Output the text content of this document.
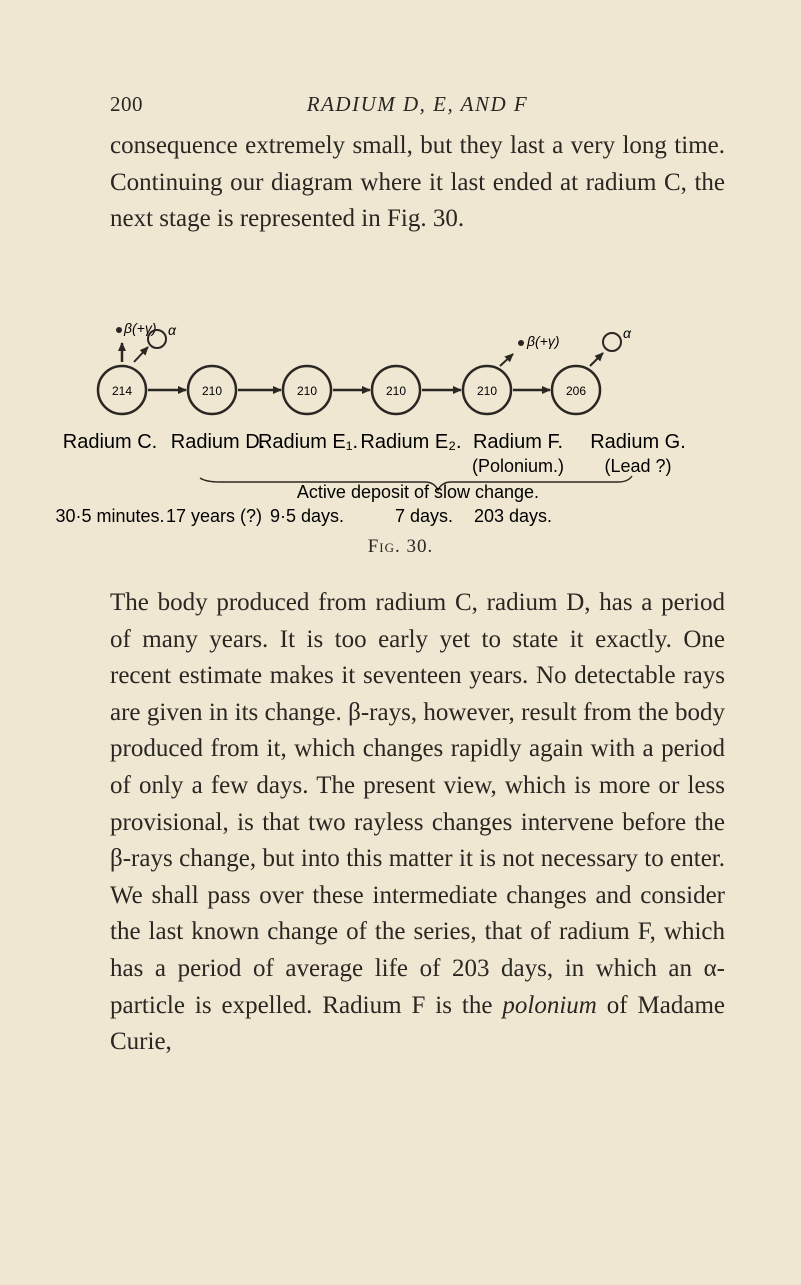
200	RADIUM D, E, AND F

consequence extremely small, but they last a very long time. Continuing our diagram where it last ended at radium C, the next stage is represented in Fig. 30.

β(+γ) α
β(+γ)	α
214
Radium C.
30·5 minutes.
210
Radium D.
17 years (?)
210
Radium E₁.
9·5 days.
210
Radium E₂.
7 days.
210
Radium F.
(Polonium.)
203 days.
206
Radium G.
(Lead ?)
Active deposit of slow change.
Fig. 30.

The body produced from radium C, radium D, has a period of many years. It is too early yet to state it exactly. One recent estimate makes it seventeen years. No detectable rays are given in its change. β-rays, however, result from the body produced from it, which changes rapidly again with a period of only a few days. The present view, which is more or less provisional, is that two rayless changes intervene before the β-rays change, but into this matter it is not necessary to enter. We shall pass over these intermediate changes and consider the last known change of the series, that of radium F, which has a period of average life of 203 days, in which an α-particle is expelled. Radium F is the polonium of Madame Curie,
